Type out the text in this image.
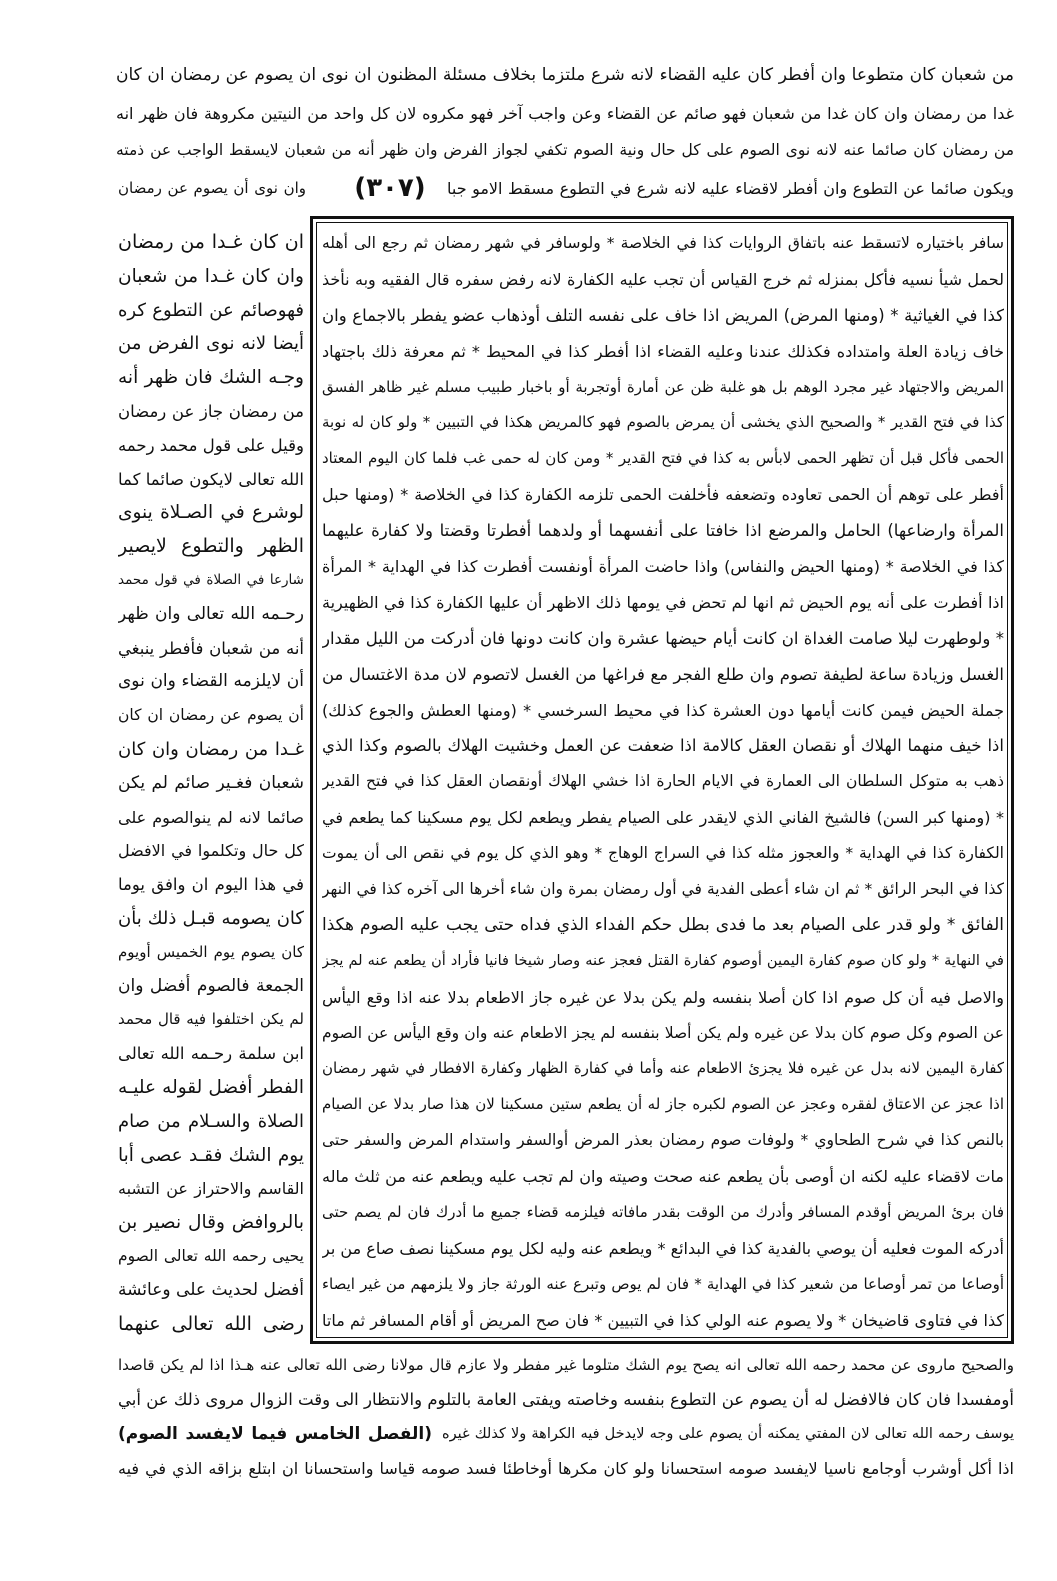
من شعبان كان متطوعا وان أفطر كان عليه القضاء لانه شرع ملتزما بخلاف مسئلة المظنون ان نوى ان يصوم عن رمضان ان كان
غدا من رمضان وان كان غدا من شعبان فهو صائم عن القضاء وعن واجب آخر فهو مكروه لان كل واحد من النيتين مكروهة فان ظهر انه
من رمضان كان صائما عنه لانه نوى الصوم على كل حال ونية الصوم تكفي لجواز الفرض وان ظهر أنه من شعبان لايسقط الواجب عن ذمته
ويكون صائما عن التطوع وان أفطر لاقضاء عليه لانه شرع في التطوع مسقط الامو جبا
(٣٠٧)
وان نوى أن يصوم عن رمضان
سافر باختياره لاتسقط عنه باتفاق الروايات كذا في الخلاصة * ولوسافر في شهر رمضان ثم رجع الى أهله
لحمل شيأ نسيه فأكل بمنزله ثم خرج القياس أن تجب عليه الكفارة لانه رفض سفره قال الفقيه وبه نأخذ
كذا في الغياثية * (ومنها المرض) المريض اذا خاف على نفسه التلف أوذهاب عضو يفطر بالاجماع وان
خاف زيادة العلة وامتداده فكذلك عندنا وعليه القضاء اذا أفطر كذا في المحيط * ثم معرفة ذلك باجتهاد
المريض والاجتهاد غير مجرد الوهم بل هو غلبة ظن عن أمارة أوتجربة أو باخبار طبيب مسلم غير ظاهر الفسق
كذا في فتح القدير * والصحيح الذي يخشى أن يمرض بالصوم فهو كالمريض هكذا في التبيين * ولو كان له نوبة
الحمى فأكل قبل أن تظهر الحمى لابأس به كذا في فتح القدير * ومن كان له حمى غب فلما كان اليوم المعتاد
أفطر على توهم أن الحمى تعاوده وتضعفه فأخلفت الحمى تلزمه الكفارة كذا في الخلاصة * (ومنها حبل
المرأة وارضاعها) الحامل والمرضع اذا خافتا على أنفسهما أو ولدهما أفطرتا وقضتا ولا كفارة عليهما
كذا في الخلاصة * (ومنها الحيض والنفاس) واذا حاضت المرأة أونفست أفطرت كذا في الهداية * المرأة
اذا أفطرت على أنه يوم الحيض ثم انها لم تحض في يومها ذلك الاظهر أن عليها الكفارة كذا في الظهيرية
* ولوطهرت ليلا صامت الغداة ان كانت أيام حيضها عشرة وان كانت دونها فان أدركت من الليل مقدار
الغسل وزيادة ساعة لطيفة تصوم وان طلع الفجر مع فراغها من الغسل لاتصوم لان مدة الاغتسال من
جملة الحيض فيمن كانت أيامها دون العشرة كذا في محيط السرخسي * (ومنها العطش والجوع كذلك)
اذا خيف منهما الهلاك أو نقصان العقل كالامة اذا ضعفت عن العمل وخشيت الهلاك بالصوم وكذا الذي
ذهب به متوكل السلطان الى العمارة في الايام الحارة اذا خشي الهلاك أونقصان العقل كذا في فتح القدير
* (ومنها كبر السن) فالشيخ الفاني الذي لايقدر على الصيام يفطر ويطعم لكل يوم مسكينا كما يطعم في
الكفارة كذا في الهداية * والعجوز مثله كذا في السراج الوهاج * وهو الذي كل يوم في نقص الى أن يموت
كذا في البحر الرائق * ثم ان شاء أعطى الفدية في أول رمضان بمرة وان شاء أخرها الى آخره كذا في النهر
الفائق * ولو قدر على الصيام بعد ما فدى بطل حكم الفداء الذي فداه حتى يجب عليه الصوم هكذا
في النهاية * ولو كان صوم كفارة اليمين أوصوم كفارة القتل فعجز عنه وصار شيخا فانيا فأراد أن يطعم عنه لم يجز
والاصل فيه أن كل صوم اذا كان أصلا بنفسه ولم يكن بدلا عن غيره جاز الاطعام بدلا عنه اذا وقع اليأس
عن الصوم وكل صوم كان بدلا عن غيره ولم يكن أصلا بنفسه لم يجز الاطعام عنه وان وقع اليأس عن الصوم
كفارة اليمين لانه بدل عن غيره فلا يجزئ الاطعام عنه وأما في كفارة الظهار وكفارة الافطار في شهر رمضان
اذا عجز عن الاعتاق لفقره وعجز عن الصوم لكبره جاز له أن يطعم ستين مسكينا لان هذا صار بدلا عن الصيام
بالنص كذا في شرح الطحاوي * ولوفات صوم رمضان بعذر المرض أوالسفر واستدام المرض والسفر حتى
مات لاقضاء عليه لكنه ان أوصى بأن يطعم عنه صحت وصيته وان لم تجب عليه ويطعم عنه من ثلث ماله
فان برئ المريض أوقدم المسافر وأدرك من الوقت بقدر مافاته فيلزمه قضاء جميع ما أدرك فان لم يصم حتى
أدركه الموت فعليه أن يوصي بالفدية كذا في البدائع * ويطعم عنه وليه لكل يوم مسكينا نصف صاع من بر
أوصاعا من تمر أوصاعا من شعير كذا في الهداية * فان لم يوص وتبرع عنه الورثة جاز ولا يلزمهم من غير ايصاء
كذا في فتاوى قاضيخان * ولا يصوم عنه الولي كذا في التبيين * فان صح المريض أو أقام المسافر ثم ماتا
ان كان غـدا من رمضان
وان كان غـدا من شعبان
فهوصائم عن التطوع كره
أيضا لانه نوى الفرض من
وجـه الشك فان ظهر أنه
من رمضان جاز عن رمضان
وقيل على قول محمد رحمه
الله تعالى لايكون صائما كما
لوشرع في الصـلاة ينوى
الظهر والتطوع لايصير
شارعا في الصلاة في قول محمد
رحـمه الله تعالى وان ظهر
أنه من شعبان فأفطر ينبغي
أن لايلزمه القضاء وان نوى
أن يصوم عن رمضان ان كان
غـدا من رمضان وان كان
شعبان فغـير صائم لم يكن
صائما لانه لم ينوالصوم على
كل حال وتكلموا في الافضل
في هذا اليوم ان وافق يوما
كان يصومه قبـل ذلك بأن
كان يصوم يوم الخميس أويوم
الجمعة فالصوم أفضل وان
لم يكن اختلفوا فيه قال محمد
ابن سلمة رحـمه الله تعالى
الفطر أفضل لقوله عليـه
الصلاة والسـلام من صام
يوم الشك فقـد عصى أبا
القاسم والاحتراز عن التشبه
بالروافض وقال نصير بن
يحيى رحمه الله تعالى الصوم
أفضل لحديث على وعائشة
رضى الله تعالى عنهما
والصحيح ماروى عن محمد رحمه الله تعالى انه يصح يوم الشك متلوما غير مفطر ولا عازم قال مولانا رضى الله تعالى عنه هـذا اذا لم يكن قاصدا
أومفسدا فان كان فالافضل له أن يصوم عن التطوع بنفسه وخاصته ويفتى العامة بالتلوم والانتظار الى وقت الزوال مروى ذلك عن أبي
يوسف رحمه الله تعالى لان المفتي يمكنه أن يصوم على وجه لايدخل فيه الكراهة ولا كذلك غيره
(الفصل الخامس فيما لايفسد الصوم)
اذا أكل أوشرب أوجامع ناسيا لايفسد صومه استحسانا ولو كان مكرها أوخاطئا فسد صومه قياسا واستحسانا ان ابتلع بزاقه الذي في فيه
